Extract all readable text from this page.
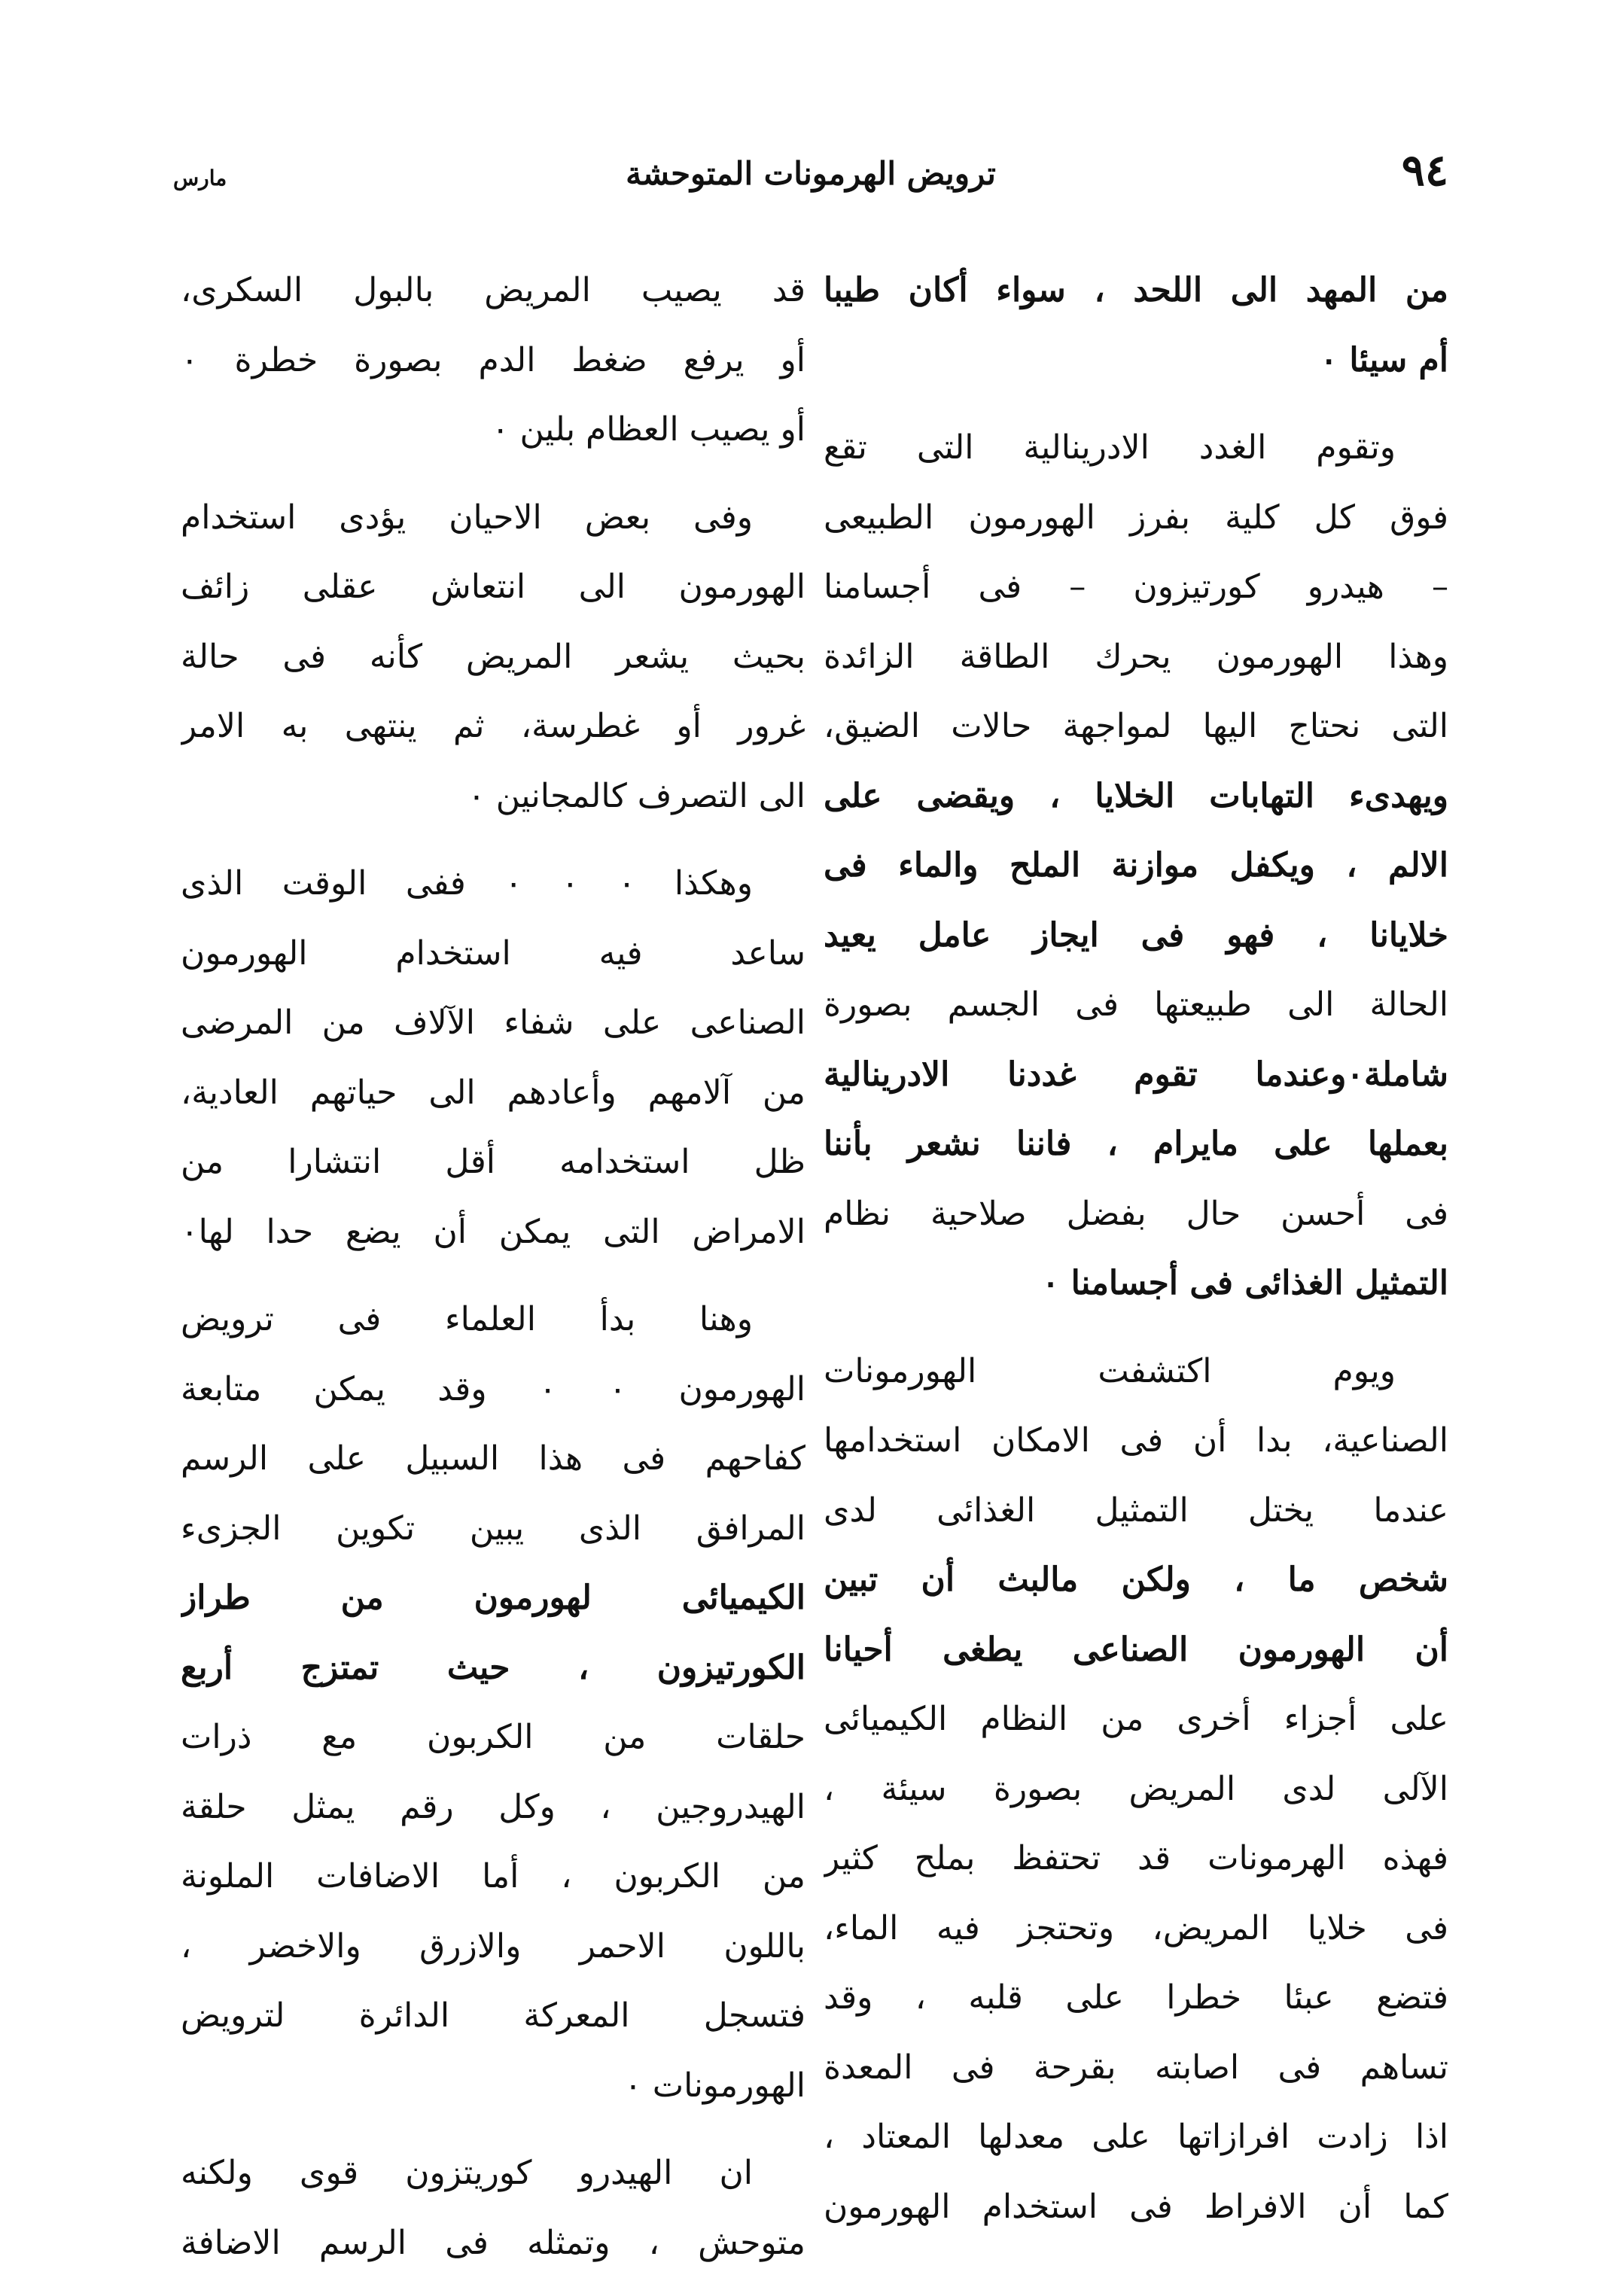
٩٤
ترويض الهرمونات المتوحشة
مارس
من المهد الى اللحد ، سواء أكان طيبا
أم سيئا ٠
وتقوم الغدد الادرينالية التى تقع
فوق كل كلية بفرز الهورمون الطبيعى
– هيدرو كورتيزون – فى أجسامنا
وهذا الهورمون يحرك الطاقة الزائدة
التى نحتاج اليها لمواجهة حالات الضيق،
ويهدىء التهابات الخلايا ، ويقضى على
الالم ، ويكفل موازنة الملح والماء فى
خلايانا ، فهو فى ايجاز عامل يعيد
الحالة الى طبيعتها فى الجسم بصورة
شاملة٠وعندما تقوم غددنا الادرينالية
بعملها على مايرام ، فاننا نشعر بأننا
فى أحسن حال بفضل صلاحية نظام
التمثيل الغذائى فى أجسامنا ٠
ويوم اكتشفت الهورمونات
الصناعية، بدا أن فى الامكان استخدامها
عندما يختل التمثيل الغذائى لدى
شخص ما ، ولكن مالبث أن تبين
أن الهورمون الصناعى يطغى أحيانا
على أجزاء أخرى من النظام الكيميائى
الآلى لدى المريض بصورة سيئة ،
فهذه الهرمونات قد تحتفظ بملح كثير
فى خلايا المريض، وتحتجز فيه الماء،
فتضع عبئا خطرا على قلبه ، وقد
تساهم فى اصابته بقرحة فى المعدة
اذا زادت افرازاتها على معدلها المعتاد ،
كما أن الافراط فى استخدام الهورمون
قد يصيب المريض بالبول السكرى،
أو يرفع ضغط الدم بصورة خطرة ٠
أو يصيب العظام بلين ٠
وفى بعض الاحيان يؤدى استخدام
الهورمون الى انتعاش عقلى زائف
بحيث يشعر المريض كأنه فى حالة
غرور أو غطرسة، ثم ينتهى به الامر
الى التصرف كالمجانين ٠
وهكذا ٠ ٠ ٠ ففى الوقت الذى
ساعد فيه استخدام الهورمون
الصناعى على شفاء الآلاف من المرضى
من آلامهم وأعادهم الى حياتهم العادية،
ظل استخدامه أقل انتشارا من
الامراض التى يمكن أن يضع حدا لها٠
وهنا بدأ العلماء فى ترويض
الهورمون ٠ ٠ وقد يمكن متابعة
كفاحهم فى هذا السبيل على الرسم
المرافق الذى يبين تكوين الجزىء
الكيميائى لهورمون من طراز
الكورتيزون ، حيث تمتزج أربع
حلقات من الكربون مع ذرات
الهيدروجين ، وكل رقم يمثل حلقة
من الكربون ، أما الاضافات الملونة
باللون الاحمر والازرق والاخضر ،
فتسجل المعركة الدائرة لترويض
الهورمونات ٠
ان الهيدرو كوريتزون قوى ولكنه
متوحش ، وتمثله فى الرسم الاضافة
